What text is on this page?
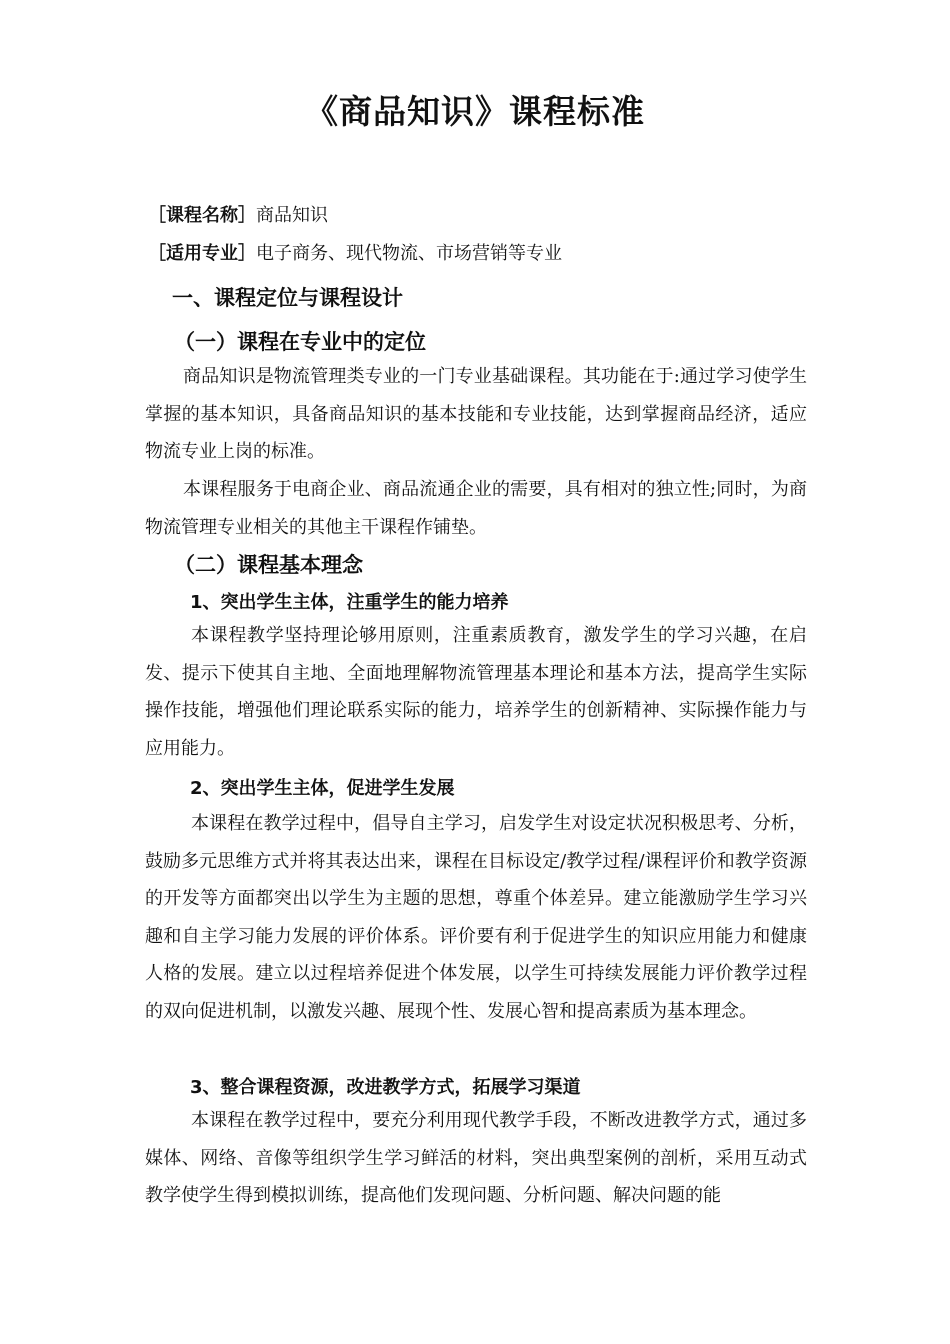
《商品知识》课程标准
［课程名称］商品知识
［适用专业］电子商务、现代物流、市场营销等专业
一、课程定位与课程设计
（一）课程在专业中的定位
商品知识是物流管理类专业的一门专业基础课程。其功能在于:通过学习使学生掌握的基本知识，具备商品知识的基本技能和专业技能，达到掌握商品经济，适应物流专业上岗的标准。
本课程服务于电商企业、商品流通企业的需要，具有相对的独立性;同时，为商物流管理专业相关的其他主干课程作铺垫。
（二）课程基本理念
1、突出学生主体，注重学生的能力培养
本课程教学坚持理论够用原则，注重素质教育，激发学生的学习兴趣，在启发、提示下使其自主地、全面地理解物流管理基本理论和基本方法，提高学生实际操作技能，增强他们理论联系实际的能力，培养学生的创新精神、实际操作能力与应用能力。
2、突出学生主体，促进学生发展
本课程在教学过程中，倡导自主学习，启发学生对设定状况积极思考、分析，鼓励多元思维方式并将其表达出来，课程在目标设定/教学过程/课程评价和教学资源的开发等方面都突出以学生为主题的思想，尊重个体差异。建立能激励学生学习兴趣和自主学习能力发展的评价体系。评价要有利于促进学生的知识应用能力和健康人格的发展。建立以过程培养促进个体发展，以学生可持续发展能力评价教学过程的双向促进机制，以激发兴趣、展现个性、发展心智和提高素质为基本理念。
3、整合课程资源，改进教学方式，拓展学习渠道
本课程在教学过程中，要充分利用现代教学手段，不断改进教学方式，通过多媒体、网络、音像等组织学生学习鲜活的材料，突出典型案例的剖析，采用互动式教学使学生得到模拟训练，提高他们发现问题、分析问题、解决问题的能
